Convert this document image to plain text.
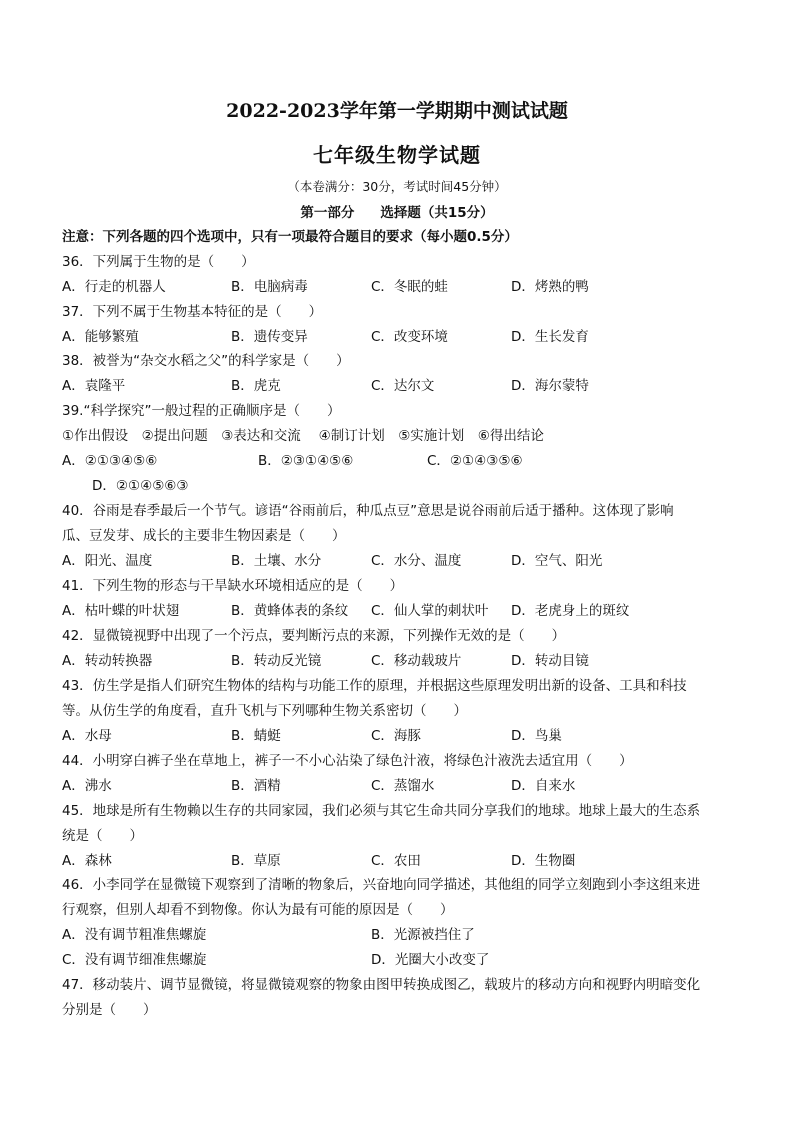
2022-2023学年第一学期期中测试试题
七年级生物学试题
（本卷满分：30分，考试时间45分钟）
第一部分 选择题（共15分）
注意：下列各题的四个选项中，只有一项最符合题目的要求（每小题0.5分）
36．下列属于生物的是（　　）
A．行走的机器人	B．电脑病毒	C．冬眠的蛙	D．烤熟的鸭
37．下列不属于生物基本特征的是（　　）
A．能够繁殖	B．遗传变异	C．改变环境	D．生长发育
38．被誉为“杂交水稻之父”的科学家是（　　）
A．袁隆平	B．虎克	C．达尔文	D．海尔蒙特
39.“科学探究”一般过程的正确顺序是（　　）
①作出假设　②提出问题　③表达和交流　 ④制订计划　⑤实施计划　⑥得出结论
A．②①③④⑤⑥	B．②③①④⑤⑥	C．②①④③⑤⑥
D．②①④⑤⑥③
40．谷雨是春季最后一个节气。谚语“谷雨前后，种瓜点豆”意思是说谷雨前后适于播种。这体现了影响
瓜、豆发芽、成长的主要非生物因素是（　　）
A．阳光、温度	B．土壤、水分	C．水分、温度	D．空气、阳光
41．下列生物的形态与干旱缺水环境相适应的是（　　）
A．枯叶蝶的叶状翅	B．黄蜂体表的条纹 C．仙人掌的刺状叶 D．老虎身上的斑纹
42．显微镜视野中出现了一个污点，要判断污点的来源，下列操作无效的是（　　）
A．转动转换器	B．转动反光镜	C．移动载玻片	D．转动目镜
43．仿生学是指人们研究生物体的结构与功能工作的原理，并根据这些原理发明出新的设备、工具和科技
等。从仿生学的角度看，直升飞机与下列哪种生物关系密切（　　）
A．水母	B．蜻蜓	C．海豚	D．鸟巢
44．小明穿白裤子坐在草地上，裤子一不小心沾染了绿色汁液，将绿色汁液洗去适宜用（　　）
A．沸水	B．酒精	C．蒸馏水	D．自来水
45．地球是所有生物赖以生存的共同家园，我们必须与其它生命共同分享我们的地球。地球上最大的生态系
统是（　　）
A．森林	B．草原	C．农田	D．生物圈
46．小李同学在显微镜下观察到了清晰的物象后，兴奋地向同学描述，其他组的同学立刻跑到小李这组来进
行观察，但别人却看不到物像。你认为最有可能的原因是（　　）
A．没有调节粗准焦螺旋	B．光源被挡住了
C．没有调节细准焦螺旋	D．光圈大小改变了
47．移动装片、调节显微镜，将显微镜观察的物象由图甲转换成图乙，载玻片的移动方向和视野内明暗变化
分别是（　　）
